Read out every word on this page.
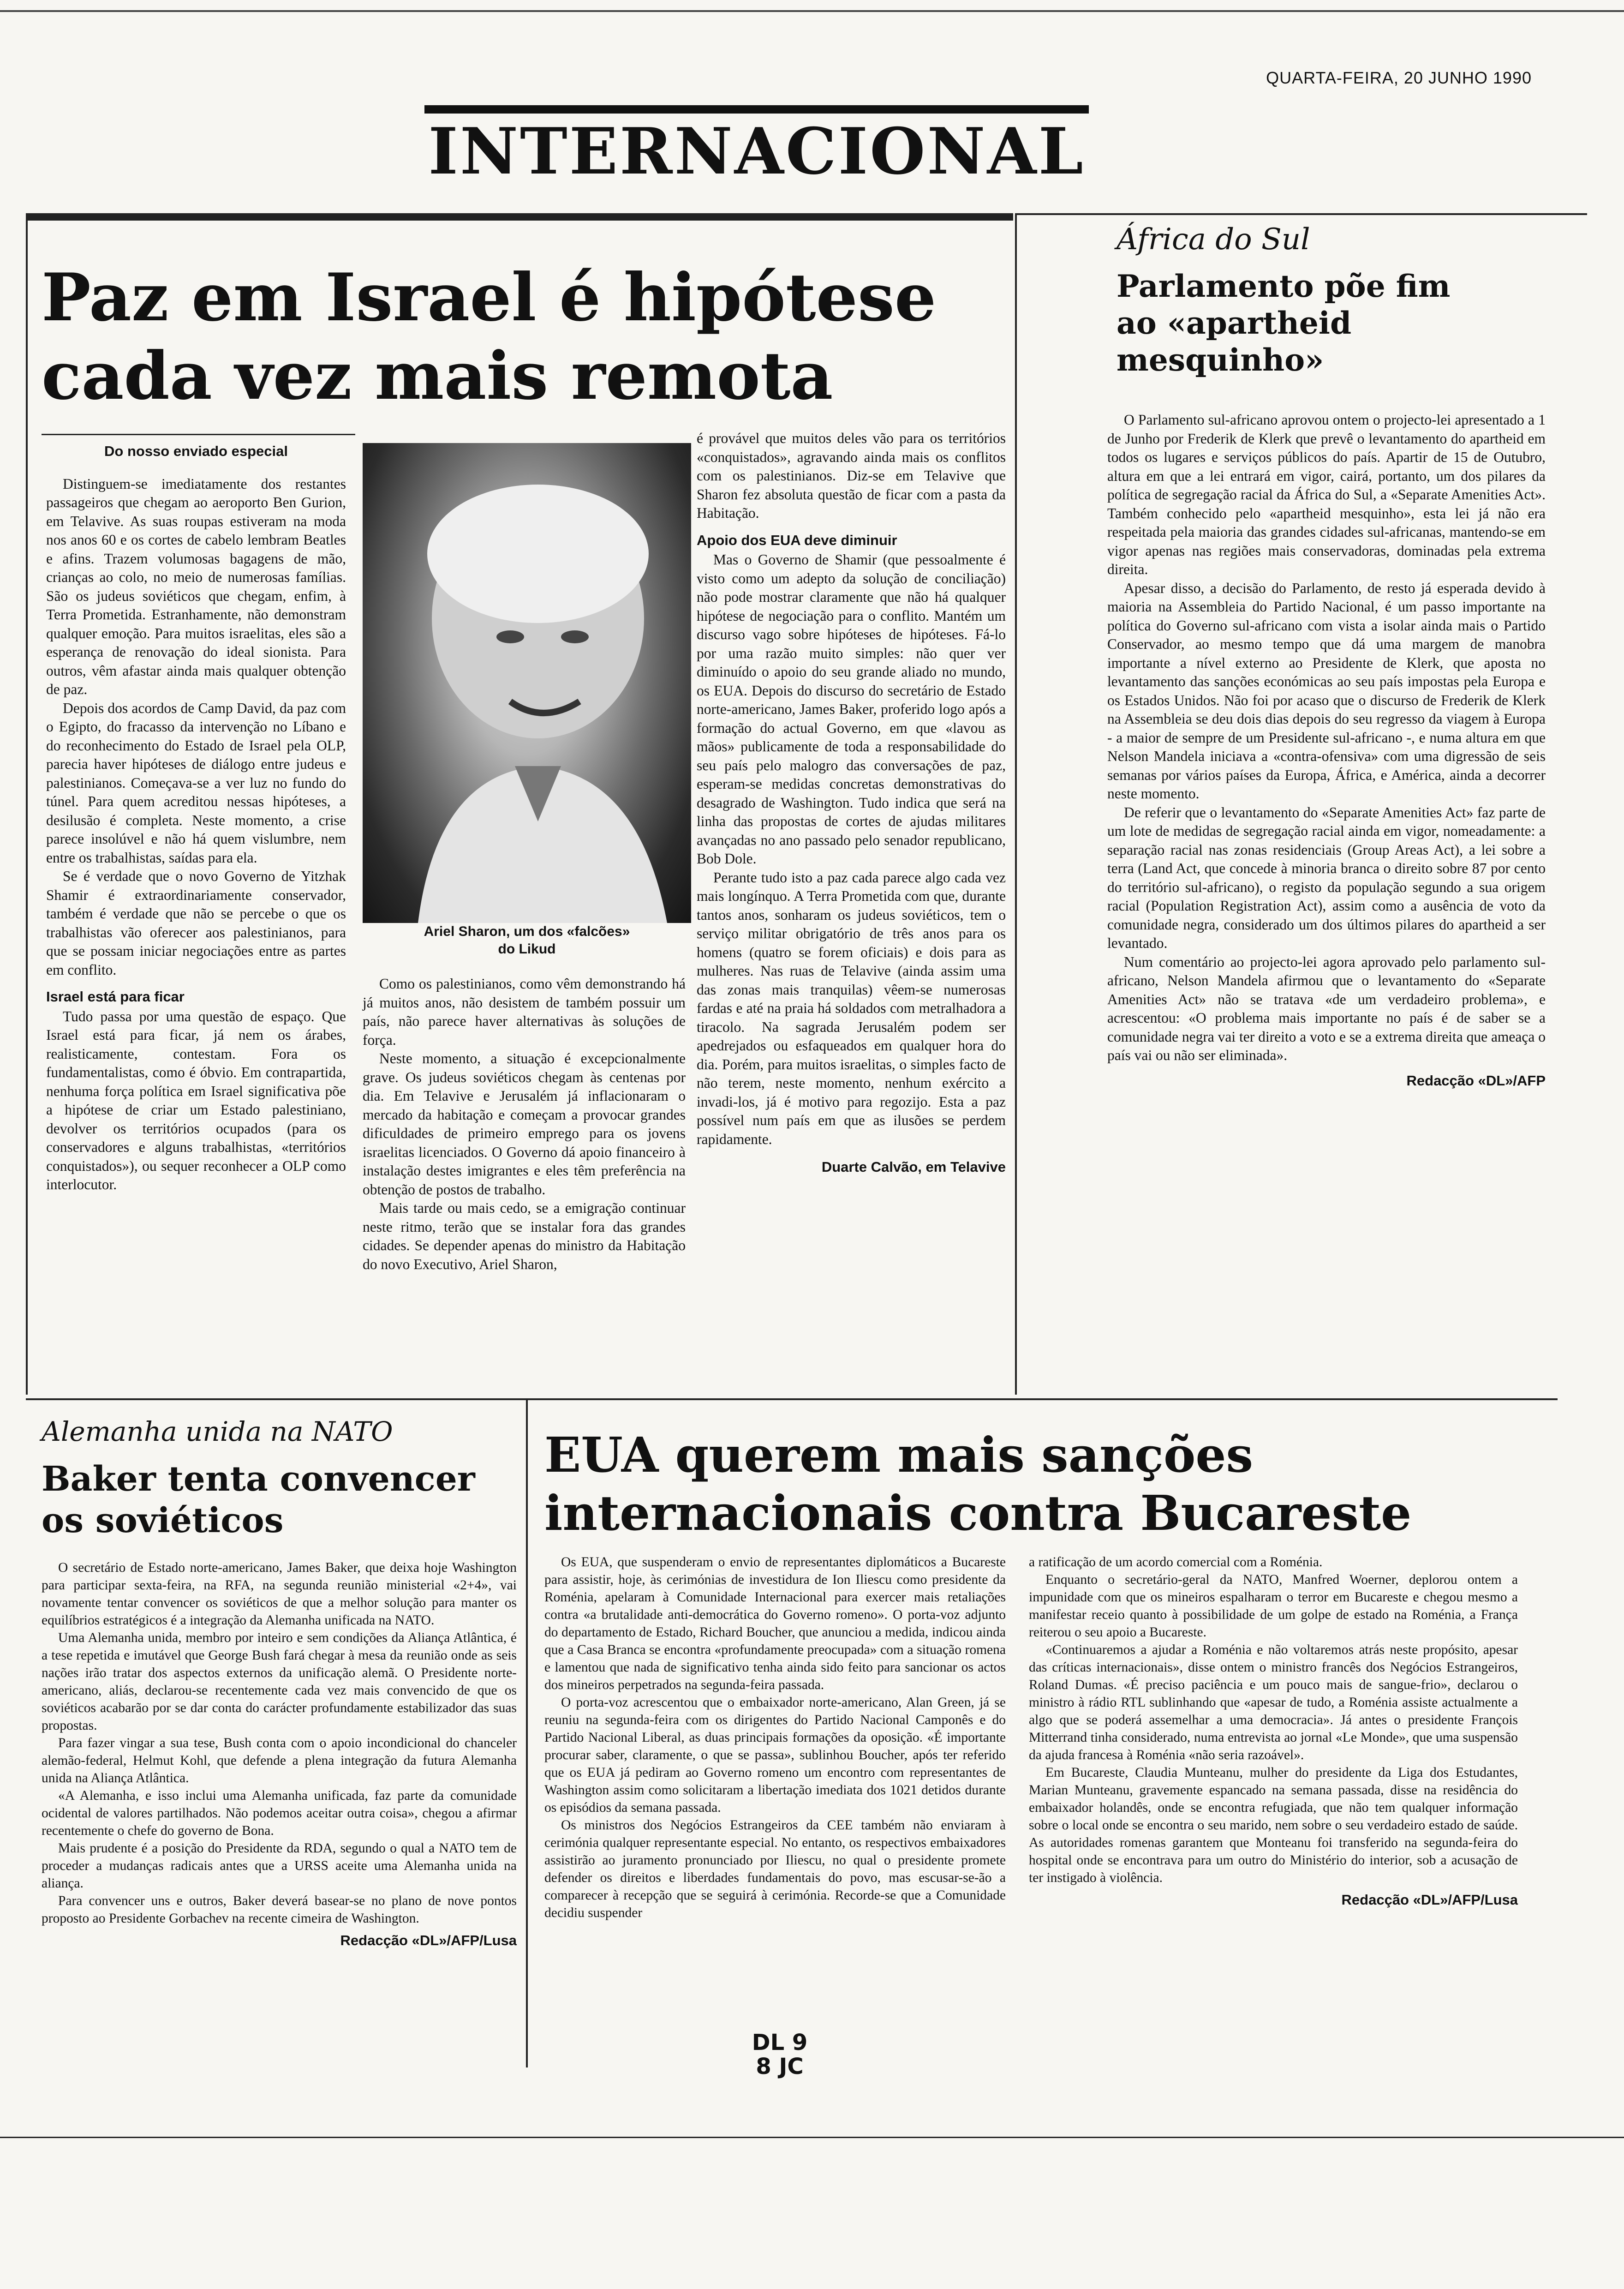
QUARTA-FEIRA, 20 JUNHO 1990
INTERNACIONAL
Paz em Israel é hipótese
cada vez mais remota
Do nosso enviado especial

Distinguem-se imediatamente dos restantes passageiros que chegam ao aeroporto Ben Gurion, em Telavive. As suas roupas estiveram na moda nos anos 60 e os cortes de cabelo lembram Beatles e afins. Trazem volumosas bagagens de mão, crianças ao colo, no meio de numerosas famílias. São os judeus soviéticos que chegam, enfim, à Terra Prometida. Estranhamente, não demonstram qualquer emoção. Para muitos israelitas, eles são a esperança de renovação do ideal sionista. Para outros, vêm afastar ainda mais qualquer obtenção de paz.

Depois dos acordos de Camp David, da paz com o Egipto, do fracasso da intervenção no Líbano e do reconhecimento do Estado de Israel pela OLP, parecia haver hipóteses de diálogo entre judeus e palestinianos. Começava-se a ver luz no fundo do túnel. Para quem acreditou nessas hipóteses, a desilusão é completa. Neste momento, a crise parece insolúvel e não há quem vislumbre, nem entre os trabalhistas, saídas para ela.

Se é verdade que o novo Governo de Yitzhak Shamir é extraordinariamente conservador, também é verdade que não se percebe o que os trabalhistas vão oferecer aos palestinianos, para que se possam iniciar negociações entre as partes em conflito.

Israel está para ficar

Tudo passa por uma questão de espaço. Que Israel está para ficar, já nem os árabes, realisticamente, contestam. Fora os fundamentalistas, como é óbvio. Em contrapartida, nenhuma força política em Israel significativa põe a hipótese de criar um Estado palestiniano, devolver os territórios ocupados (para os conservadores e alguns trabalhistas, «territórios conquistados»), ou sequer reconhecer a OLP como interlocutor.

Ariel Sharon, um dos «falcões»
do Likud

Como os palestinianos, como vêm demonstrando há já muitos anos, não desistem de também possuir um país, não parece haver alternativas às soluções de força.

Neste momento, a situação é excepcionalmente grave. Os judeus soviéticos chegam às centenas por dia. Em Telavive e Jerusalém já inflacionaram o mercado da habitação e começam a provocar grandes dificuldades de primeiro emprego para os jovens israelitas licenciados. O Governo dá apoio financeiro à instalação destes imigrantes e eles têm preferência na obtenção de postos de trabalho.

Mais tarde ou mais cedo, se a emigração continuar neste ritmo, terão que se instalar fora das grandes cidades. Se depender apenas do ministro da Habitação do novo Executivo, Ariel Sharon,

é provável que muitos deles vão para os territórios «conquistados», agravando ainda mais os conflitos com os palestinianos. Diz-se em Telavive que Sharon fez absoluta questão de ficar com a pasta da Habitação.

Apoio dos EUA deve diminuir

Mas o Governo de Shamir (que pessoalmente é visto como um adepto da solução de conciliação) não pode mostrar claramente que não há qualquer hipótese de negociação para o conflito. Mantém um discurso vago sobre hipóteses de hipóteses. Fá-lo por uma razão muito simples: não quer ver diminuído o apoio do seu grande aliado no mundo, os EUA. Depois do discurso do secretário de Estado norte-americano, James Baker, proferido logo após a formação do actual Governo, em que «lavou as mãos» publicamente de toda a responsabilidade do seu país pelo malogro das conversações de paz, esperam-se medidas concretas demonstrativas do desagrado de Washington. Tudo indica que será na linha das propostas de cortes de ajudas militares avançadas no ano passado pelo senador republicano, Bob Dole.

Perante tudo isto a paz cada parece algo cada vez mais longínquo. A Terra Prometida com que, durante tantos anos, sonharam os judeus soviéticos, tem o serviço militar obrigatório de três anos para os homens (quatro se forem oficiais) e dois para as mulheres. Nas ruas de Telavive (ainda assim uma das zonas mais tranquilas) vêem-se numerosas fardas e até na praia há soldados com metralhadora a tiracolo. Na sagrada Jerusalém podem ser apedrejados ou esfaqueados em qualquer hora do dia. Porém, para muitos israelitas, o simples facto de não terem, neste momento, nenhum exército a invadi-los, já é motivo para regozijo. Esta a paz possível num país em que as ilusões se perdem rapidamente.

Duarte Calvão, em Telavive
África do Sul
Parlamento põe fim
ao «apartheid
mesquinho»

O Parlamento sul-africano aprovou ontem o projecto-lei apresentado a 1 de Junho por Frederik de Klerk que prevê o levantamento do apartheid em todos os lugares e serviços públicos do país. Apartir de 15 de Outubro, altura em que a lei entrará em vigor, cairá, portanto, um dos pilares da política de segregação racial da África do Sul, a «Separate Amenities Act». Também conhecido pelo «apartheid mesquinho», esta lei já não era respeitada pela maioria das grandes cidades sul-africanas, mantendo-se em vigor apenas nas regiões mais conservadoras, dominadas pela extrema direita.

Apesar disso, a decisão do Parlamento, de resto já esperada devido à maioria na Assembleia do Partido Nacional, é um passo importante na política do Governo sul-africano com vista a isolar ainda mais o Partido Conservador, ao mesmo tempo que dá uma margem de manobra importante a nível externo ao Presidente de Klerk, que aposta no levantamento das sanções económicas ao seu país impostas pela Europa e os Estados Unidos. Não foi por acaso que o discurso de Frederik de Klerk na Assembleia se deu dois dias depois do seu regresso da viagem à Europa - a maior de sempre de um Presidente sul-africano -, e numa altura em que Nelson Mandela iniciava a «contra-ofensiva» com uma digressão de seis semanas por vários países da Europa, África, e América, ainda a decorrer neste momento.

De referir que o levantamento do «Separate Amenities Act» faz parte de um lote de medidas de segregação racial ainda em vigor, nomeadamente: a separação racial nas zonas residenciais (Group Areas Act), a lei sobre a terra (Land Act, que concede à minoria branca o direito sobre 87 por cento do território sul-africano), o registo da população segundo a sua origem racial (Population Registration Act), assim como a ausência de voto da comunidade negra, considerado um dos últimos pilares do apartheid a ser levantado.

Num comentário ao projecto-lei agora aprovado pelo parlamento sul-africano, Nelson Mandela afirmou que o levantamento do «Separate Amenities Act» não se tratava «de um verdadeiro problema», e acrescentou: «O problema mais importante no país é de saber se a comunidade negra vai ter direito a voto e se a extrema direita que ameaça o país vai ou não ser eliminada».

Redacção «DL»/AFP
Alemanha unida na NATO
Baker tenta convencer
os soviéticos

O secretário de Estado norte-americano, James Baker, que deixa hoje Washington para participar sexta-feira, na RFA, na segunda reunião ministerial «2+4», vai novamente tentar convencer os soviéticos de que a melhor solução para manter os equilíbrios estratégicos é a integração da Alemanha unificada na NATO.

Uma Alemanha unida, membro por inteiro e sem condições da Aliança Atlântica, é a tese repetida e imutável que George Bush fará chegar à mesa da reunião onde as seis nações irão tratar dos aspectos externos da unificação alemã. O Presidente norte-americano, aliás, declarou-se recentemente cada vez mais convencido de que os soviéticos acabarão por se dar conta do carácter profundamente estabilizador das suas propostas.

Para fazer vingar a sua tese, Bush conta com o apoio incondicional do chanceler alemão-federal, Helmut Kohl, que defende a plena integração da futura Alemanha unida na Aliança Atlântica.

«A Alemanha, e isso inclui uma Alemanha unificada, faz parte da comunidade ocidental de valores partilhados. Não podemos aceitar outra coisa», chegou a afirmar recentemente o chefe do governo de Bona.

Mais prudente é a posição do Presidente da RDA, segundo o qual a NATO tem de proceder a mudanças radicais antes que a URSS aceite uma Alemanha unida na aliança.

Para convencer uns e outros, Baker deverá basear-se no plano de nove pontos proposto ao Presidente Gorbachev na recente cimeira de Washington.

Redacção «DL»/AFP/Lusa
EUA querem mais sanções
internacionais contra Bucareste

Os EUA, que suspenderam o envio de representantes diplomáticos a Bucareste para assistir, hoje, às cerimónias de investidura de Ion Iliescu como presidente da Roménia, apelaram à Comunidade Internacional para exercer mais retaliações contra «a brutalidade anti-democrática do Governo romeno». O porta-voz adjunto do departamento de Estado, Richard Boucher, que anunciou a medida, indicou ainda que a Casa Branca se encontra «profundamente preocupada» com a situação romena e lamentou que nada de significativo tenha ainda sido feito para sancionar os actos dos mineiros perpetrados na segunda-feira passada.

O porta-voz acrescentou que o embaixador norte-americano, Alan Green, já se reuniu na segunda-feira com os dirigentes do Partido Nacional Camponês e do Partido Nacional Liberal, as duas principais formações da oposição. «É importante procurar saber, claramente, o que se passa», sublinhou Boucher, após ter referido que os EUA já pediram ao Governo romeno um encontro com representantes de Washington assim como solicitaram a libertação imediata dos 1021 detidos durante os episódios da semana passada.

Os ministros dos Negócios Estrangeiros da CEE também não enviaram à cerimónia qualquer representante especial. No entanto, os respectivos embaixadores assistirão ao juramento pronunciado por Iliescu, no qual o presidente promete defender os direitos e liberdades fundamentais do povo, mas escusar-se-ão a comparecer à recepção que se seguirá à cerimónia. Recorde-se que a Comunidade decidiu suspender

a ratificação de um acordo comercial com a Roménia.

Enquanto o secretário-geral da NATO, Manfred Woerner, deplorou ontem a impunidade com que os mineiros espalharam o terror em Bucareste e chegou mesmo a manifestar receio quanto à possibilidade de um golpe de estado na Roménia, a França reiterou o seu apoio a Bucareste.

«Continuaremos a ajudar a Roménia e não voltaremos atrás neste propósito, apesar das críticas internacionais», disse ontem o ministro francês dos Negócios Estrangeiros, Roland Dumas. «É preciso paciência e um pouco mais de sangue-frio», declarou o ministro à rádio RTL sublinhando que «apesar de tudo, a Roménia assiste actualmente a algo que se poderá assemelhar a uma democracia». Já antes o presidente François Mitterrand tinha considerado, numa entrevista ao jornal «Le Monde», que uma suspensão da ajuda francesa à Roménia «não seria razoável».

Em Bucareste, Claudia Munteanu, mulher do presidente da Liga dos Estudantes, Marian Munteanu, gravemente espancado na semana passada, disse na residência do embaixador holandês, onde se encontra refugiada, que não tem qualquer informação sobre o local onde se encontra o seu marido, nem sobre o seu verdadeiro estado de saúde. As autoridades romenas garantem que Monteanu foi transferido na segunda-feira do hospital onde se encontrava para um outro do Ministério do interior, sob a acusação de ter instigado à violência.

Redacção «DL»/AFP/Lusa
DL 9
8 JC
